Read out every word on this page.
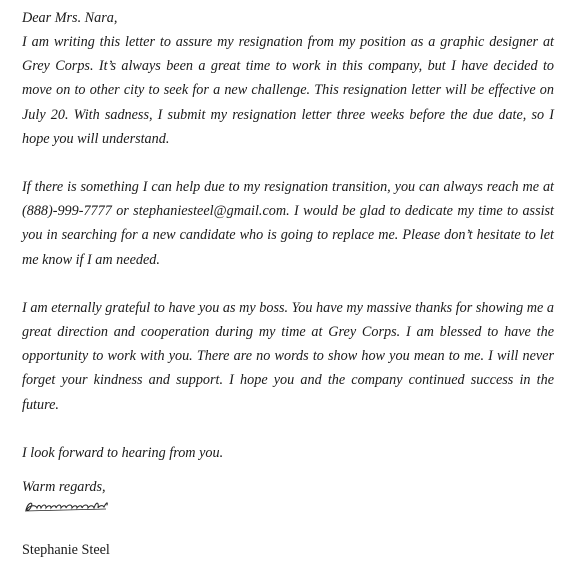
Dear Mrs. Nara,

I am writing this letter to assure my resignation from my position as a graphic designer at Grey Corps. It’s always been a great time to work in this company, but I have decided to move on to other city to seek for a new challenge. This resignation letter will be effective on July 20. With sadness, I submit my resignation letter three weeks before the due date, so I hope you will understand.

If there is something I can help due to my resignation transition, you can always reach me at (888)-999-7777 or stephaniesteel@gmail.com. I would be glad to dedicate my time to assist you in searching for a new candidate who is going to replace me. Please don’t hesitate to let me know if I am needed.

I am eternally grateful to have you as my boss. You have my massive thanks for showing me a great direction and cooperation during my time at Grey Corps. I am blessed to have the opportunity to work with you. There are no words to show how you mean to me. I will never forget your kindness and support. I hope you and the company continued success in the future.

I look forward to hearing from you.

Warm regards,

Stephanie Steel
